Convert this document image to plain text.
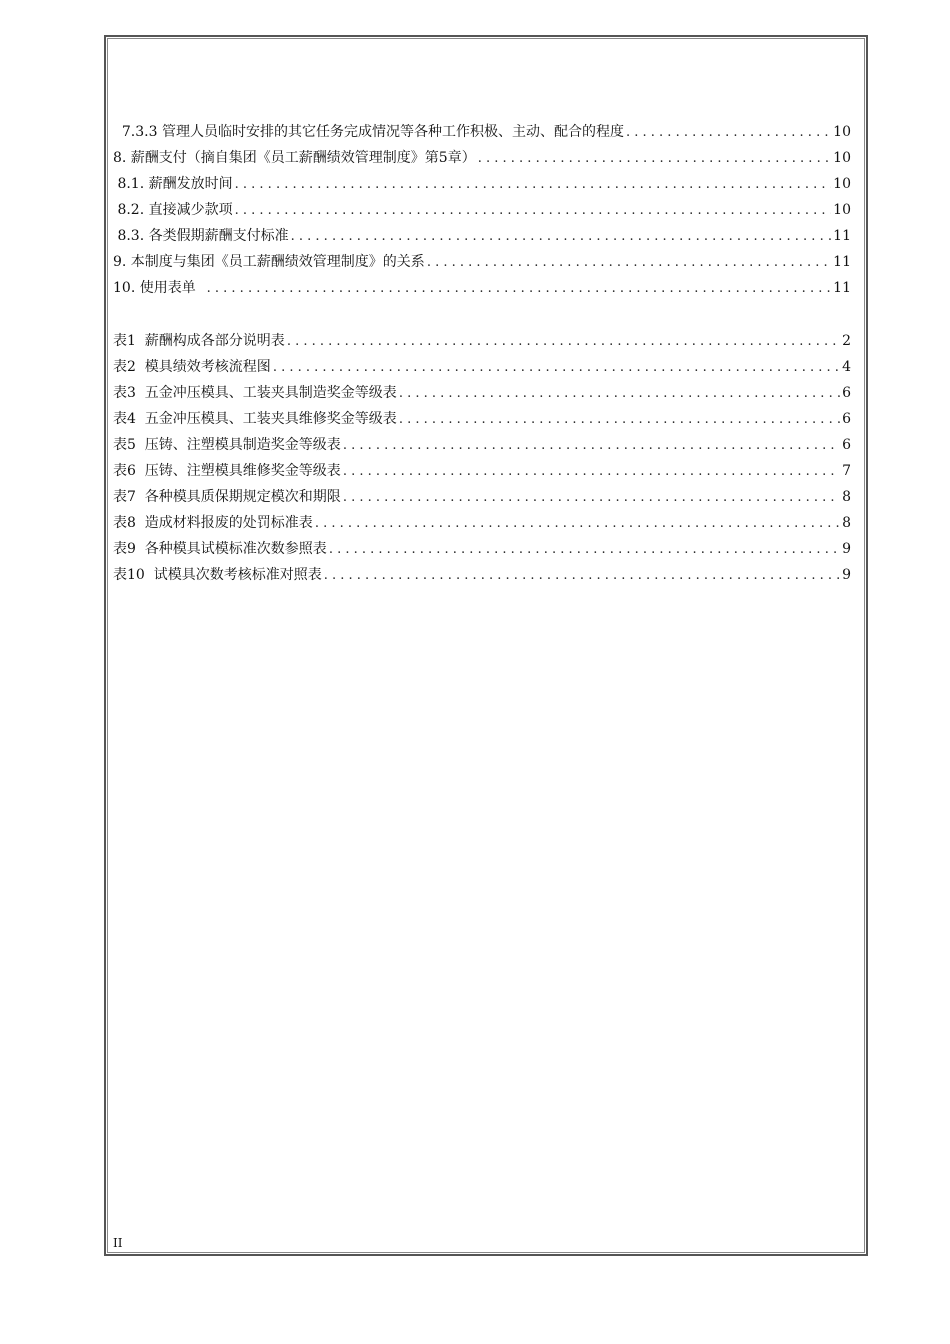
7.3.3 管理人员临时安排的其它任务完成情况等各种工作积极、主动、配合的程度 . . .	10
8. 薪酬支付（摘自集团《员工薪酬绩效管理制度》第5章） . . .	10
8.1. 薪酬发放时间 . . .	10
8.2. 直接减少款项 . . .	10
8.3. 各类假期薪酬支付标准 . . .	11
9. 本制度与集团《员工薪酬绩效管理制度》的关系 . . .	11
10. 使用表单 . . .	11
表1  薪酬构成各部分说明表 . . .	2
表2  模具绩效考核流程图 . . .	4
表3  五金冲压模具、工装夹具制造奖金等级表 . . .	6
表4  五金冲压模具、工装夹具维修奖金等级表 . . .	6
表5  压铸、注塑模具制造奖金等级表 . . .	6
表6  压铸、注塑模具维修奖金等级表 . . .	7
表7  各种模具质保期规定模次和期限 . . .	8
表8  造成材料报废的处罚标准表 . . .	8
表9  各种模具试模标准次数参照表 . . .	9
表10  试模具次数考核标准对照表 . . .	9
II
